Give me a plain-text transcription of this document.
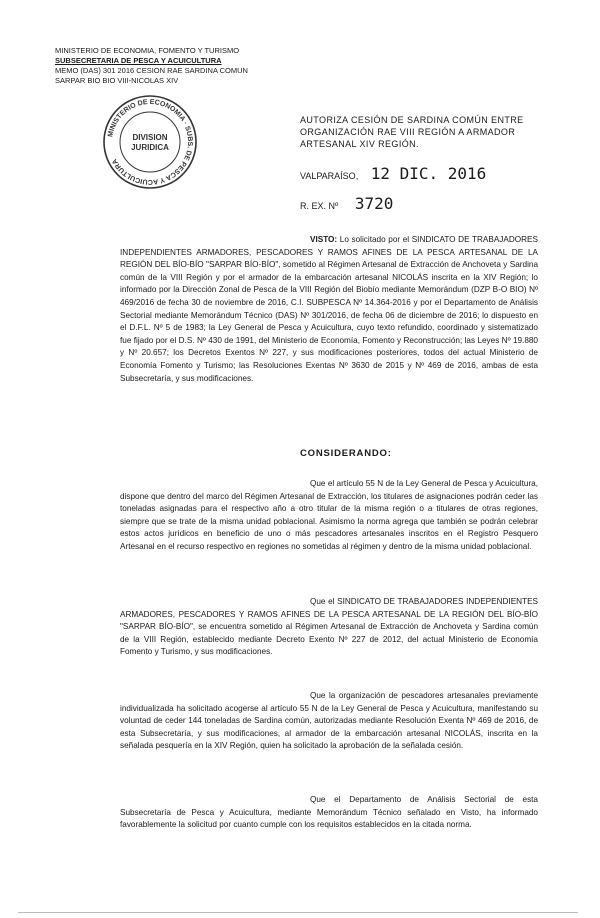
MINISTERIO DE ECONOMIA, FOMENTO Y TURISMO
SUBSECRETARIA DE PESCA Y ACUICULTURA
MEMO (DAS) 301 2016 CESION RAE SARDINA COMUN
SARPAR BIO BIO VIII-NICOLAS XIV
MINISTERIO DE ECONOMIA · SUBS. DE PESCA Y ACUICULTURA
DIVISION
JURIDICA
AUTORIZA CESIÓN DE SARDINA COMÚN ENTRE ORGANIZACIÓN RAE VIII REGIÓN A ARMADOR ARTESANAL XIV REGIÓN.
VALPARAÍSO, 12 DIC. 2016
R. EX. Nº 3720
VISTO: Lo solicitado por el SINDICATO DE TRABAJADORES INDEPENDIENTES ARMADORES, PESCADORES Y RAMOS AFINES DE LA PESCA ARTESANAL DE LA REGIÓN DEL BÍO-BÍO "SARPAR BÍO-BÍO", sometido al Régimen Artesanal de Extracción de Anchoveta y Sardina común de la VIII Región y por el armador de la embarcación artesanal NICOLÁS inscrita en la XIV Región; lo informado por la Dirección Zonal de Pesca de la VIII Región del Biobío mediante Memorándum (DZP B-O BIO) Nº 469/2016 de fecha 30 de noviembre de 2016, C.I. SUBPESCA Nº 14.364-2016 y por el Departamento de Análisis Sectorial mediante Memorándum Técnico (DAS) Nº 301/2016, de fecha 06 de diciembre de 2016; lo dispuesto en el D.F.L. Nº 5 de 1983; la Ley General de Pesca y Acuicultura, cuyo texto refundido, coordinado y sistematizado fue fijado por el D.S. Nº 430 de 1991, del Ministerio de Economía, Fomento y Reconstrucción; las Leyes Nº 19.880 y Nº 20.657; los Decretos Exentos Nº 227, y sus modificaciones posteriores, todos del actual Ministerio de Economía Fomento y Turismo; las Resoluciones Exentas Nº 3630 de 2015 y Nº 469 de 2016, ambas de esta Subsecretaría, y sus modificaciones.
CONSIDERANDO:
Que el artículo 55 N de la Ley General de Pesca y Acuicultura, dispone que dentro del marco del Régimen Artesanal de Extracción, los titulares de asignaciones podrán ceder las toneladas asignadas para el respectivo año a otro titular de la misma región o a titulares de otras regiones, siempre que se trate de la misma unidad poblacional. Asimismo la norma agrega que también se podrán celebrar estos actos jurídicos en beneficio de uno o más pescadores artesanales inscritos en el Registro Pesquero Artesanal en el recurso respectivo en regiones no sometidas al régimen y dentro de la misma unidad poblacional.
Que el SINDICATO DE TRABAJADORES INDEPENDIENTES ARMADORES, PESCADORES Y RAMOS AFINES DE LA PESCA ARTESANAL DE LA REGIÓN DEL BÍO-BÍO "SARPAR BÍO-BÍO", se encuentra sometido al Régimen Artesanal de Extracción de Anchoveta y Sardina común de la VIII Región, establecido mediante Decreto Exento Nº 227 de 2012, del actual Ministerio de Economía Fomento y Turismo, y sus modificaciones.
Que la organización de pescadores artesanales previamente individualizada ha solicitado acogerse al artículo 55 N de la Ley General de Pesca y Acuicultura, manifestando su voluntad de ceder 144 toneladas de Sardina común, autorizadas mediante Resolución Exenta Nº 469 de 2016, de esta Subsecretaría, y sus modificaciones, al armador de la embarcación artesanal NICOLÁS, inscrita en la señalada pesquería en la XIV Región, quien ha solicitado la aprobación de la señalada cesión.
Que el Departamento de Análisis Sectorial de esta Subsecretaría de Pesca y Acuicultura, mediante Memorándum Técnico señalado en Visto, ha informado favorablemente la solicitud por cuanto cumple con los requisitos establecidos en la citada norma.
